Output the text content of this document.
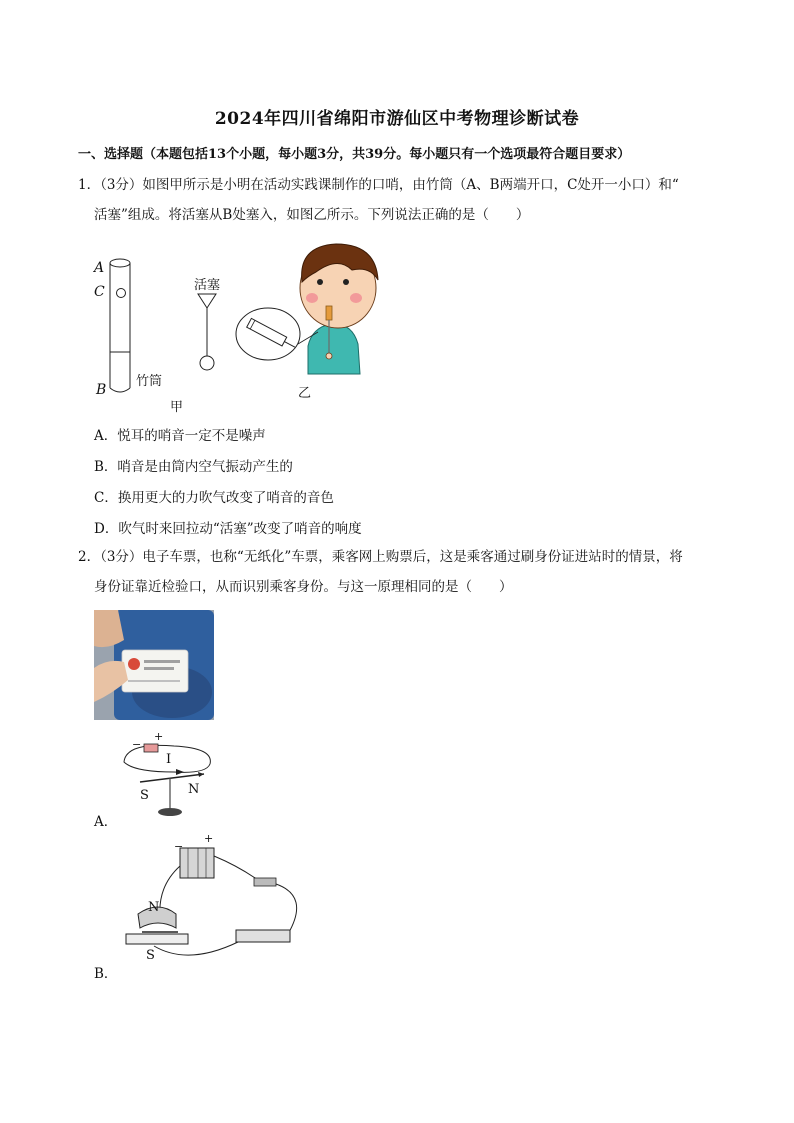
2024年四川省绵阳市游仙区中考物理诊断试卷
一、选择题（本题包括13个小题，每小题3分，共39分。每小题只有一个选项最符合题目要求）
1．（3分）如图甲所示是小明在活动实践课制作的口哨，由竹筒（A、B两端开口，C处开一小口）和“
活塞”组成。将活塞从B处塞入，如图乙所示。下列说法正确的是（　　）
A
C
B
竹筒
活塞
甲
乙
A．悦耳的哨音一定不是噪声
B．哨音是由筒内空气振动产生的
C．换用更大的力吹气改变了哨音的音色
D．吹气时来回拉动“活塞”改变了哨音的响度
2．（3分）电子车票，也称“无纸化”车票，乘客网上购票后，这是乘客通过刷身份证进站时的情景，将
身份证靠近检验口，从而识别乘客身份。与这一原理相同的是（　　）
−
+
I
S	N
A．
−
+
N
S
B．
